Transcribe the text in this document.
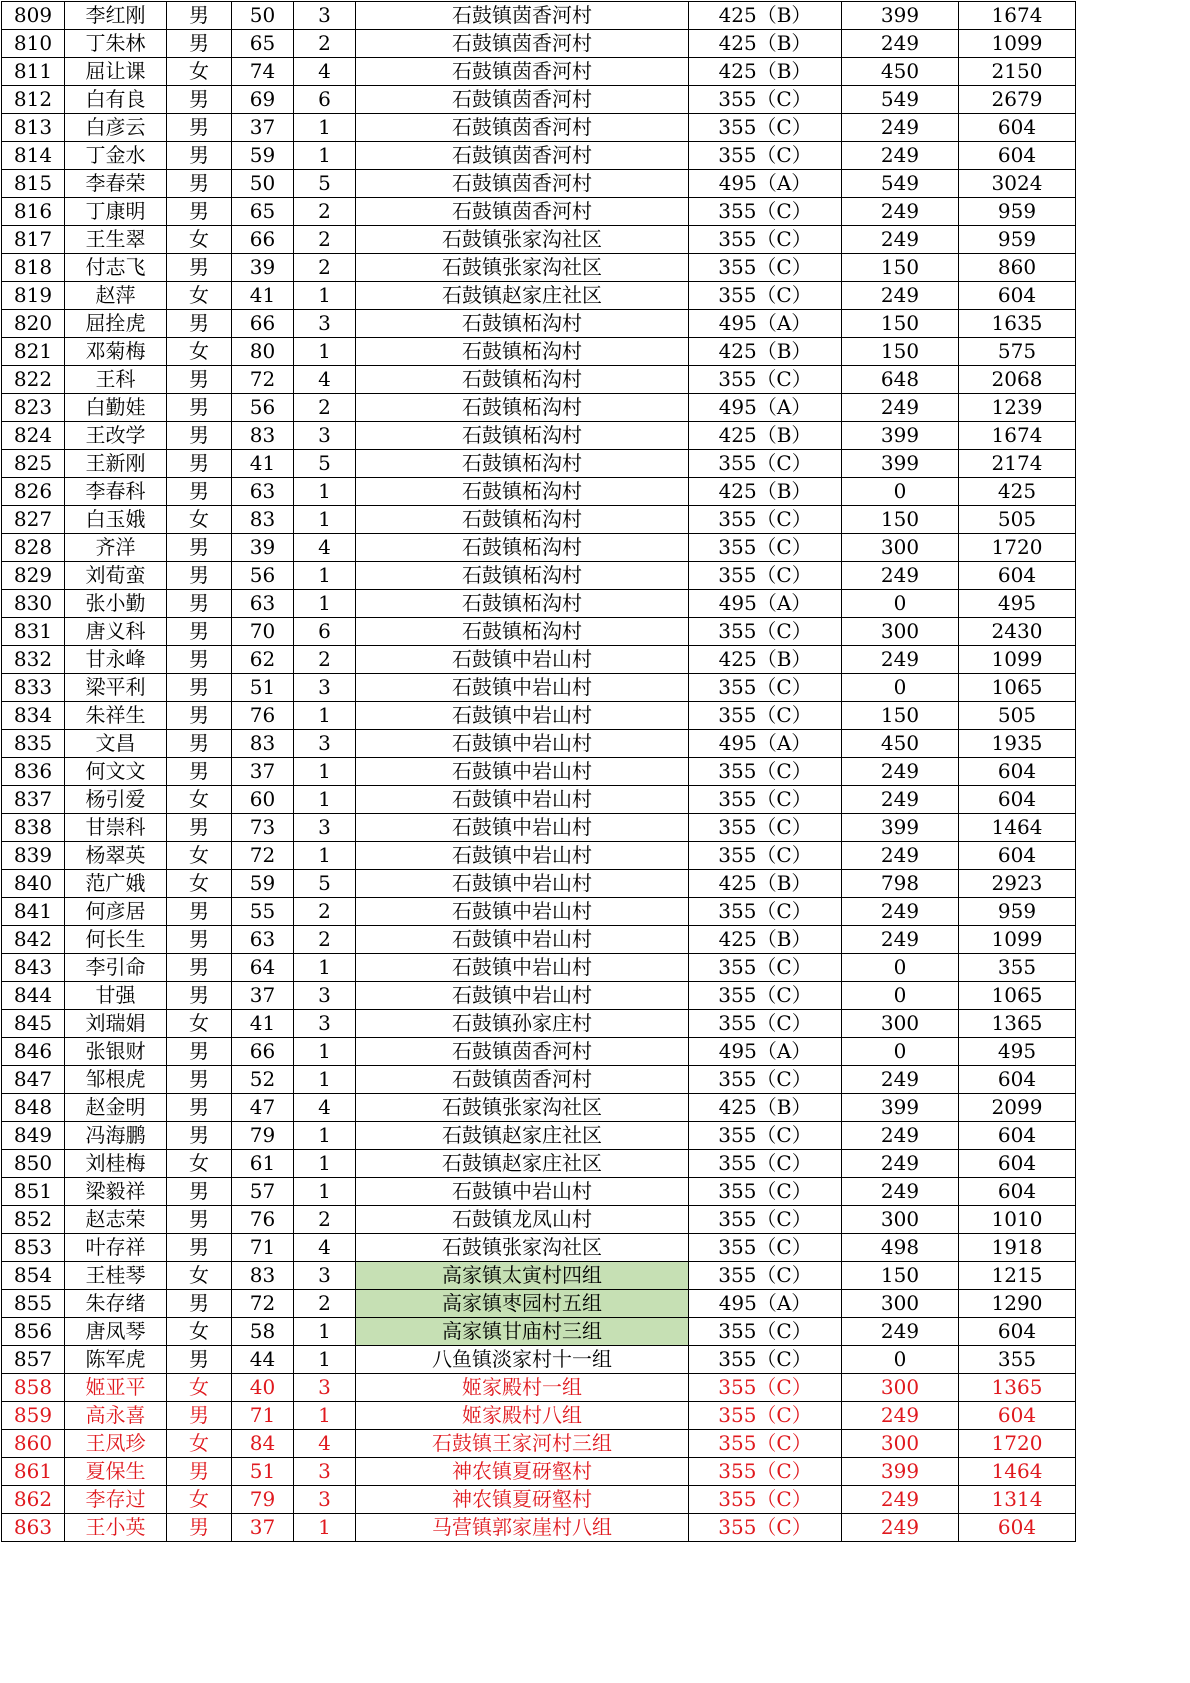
809	李红刚	男	50	3	石鼓镇茵香河村	425（B）	399	1674
810	丁朱林	男	65	2	石鼓镇茵香河村	425（B）	249	1099
811	屈让课	女	74	4	石鼓镇茵香河村	425（B）	450	2150
812	白有良	男	69	6	石鼓镇茵香河村	355（C）	549	2679
813	白彦云	男	37	1	石鼓镇茵香河村	355（C）	249	604
814	丁金水	男	59	1	石鼓镇茵香河村	355（C）	249	604
815	李春荣	男	50	5	石鼓镇茵香河村	495（A）	549	3024
816	丁康明	男	65	2	石鼓镇茵香河村	355（C）	249	959
817	王生翠	女	66	2	石鼓镇张家沟社区	355（C）	249	959
818	付志飞	男	39	2	石鼓镇张家沟社区	355（C）	150	860
819	赵萍	女	41	1	石鼓镇赵家庄社区	355（C）	249	604
820	屈拴虎	男	66	3	石鼓镇柘沟村	495（A）	150	1635
821	邓菊梅	女	80	1	石鼓镇柘沟村	425（B）	150	575
822	王科	男	72	4	石鼓镇柘沟村	355（C）	648	2068
823	白勤娃	男	56	2	石鼓镇柘沟村	495（A）	249	1239
824	王改学	男	83	3	石鼓镇柘沟村	425（B）	399	1674
825	王新刚	男	41	5	石鼓镇柘沟村	355（C）	399	2174
826	李春科	男	63	1	石鼓镇柘沟村	425（B）	0	425
827	白玉娥	女	83	1	石鼓镇柘沟村	355（C）	150	505
828	齐洋	男	39	4	石鼓镇柘沟村	355（C）	300	1720
829	刘荀蛮	男	56	1	石鼓镇柘沟村	355（C）	249	604
830	张小勤	男	63	1	石鼓镇柘沟村	495（A）	0	495
831	唐义科	男	70	6	石鼓镇柘沟村	355（C）	300	2430
832	甘永峰	男	62	2	石鼓镇中岩山村	425（B）	249	1099
833	梁平利	男	51	3	石鼓镇中岩山村	355（C）	0	1065
834	朱祥生	男	76	1	石鼓镇中岩山村	355（C）	150	505
835	文昌	男	83	3	石鼓镇中岩山村	495（A）	450	1935
836	何文文	男	37	1	石鼓镇中岩山村	355（C）	249	604
837	杨引爱	女	60	1	石鼓镇中岩山村	355（C）	249	604
838	甘崇科	男	73	3	石鼓镇中岩山村	355（C）	399	1464
839	杨翠英	女	72	1	石鼓镇中岩山村	355（C）	249	604
840	范广娥	女	59	5	石鼓镇中岩山村	425（B）	798	2923
841	何彦居	男	55	2	石鼓镇中岩山村	355（C）	249	959
842	何长生	男	63	2	石鼓镇中岩山村	425（B）	249	1099
843	李引命	男	64	1	石鼓镇中岩山村	355（C）	0	355
844	甘强	男	37	3	石鼓镇中岩山村	355（C）	0	1065
845	刘瑞娟	女	41	3	石鼓镇孙家庄村	355（C）	300	1365
846	张银财	男	66	1	石鼓镇茵香河村	495（A）	0	495
847	邹根虎	男	52	1	石鼓镇茵香河村	355（C）	249	604
848	赵金明	男	47	4	石鼓镇张家沟社区	425（B）	399	2099
849	冯海鹏	男	79	1	石鼓镇赵家庄社区	355（C）	249	604
850	刘桂梅	女	61	1	石鼓镇赵家庄社区	355（C）	249	604
851	梁毅祥	男	57	1	石鼓镇中岩山村	355（C）	249	604
852	赵志荣	男	76	2	石鼓镇龙凤山村	355（C）	300	1010
853	叶存祥	男	71	4	石鼓镇张家沟社区	355（C）	498	1918
854	王桂琴	女	83	3	高家镇太寅村四组	355（C）	150	1215
855	朱存绪	男	72	2	高家镇枣园村五组	495（A）	300	1290
856	唐凤琴	女	58	1	高家镇甘庙村三组	355（C）	249	604
857	陈军虎	男	44	1	八鱼镇淡家村十一组	355（C）	0	355
858	姬亚平	女	40	3	姬家殿村一组	355（C）	300	1365
859	高永喜	男	71	1	姬家殿村八组	355（C）	249	604
860	王凤珍	女	84	4	石鼓镇王家河村三组	355（C）	300	1720
861	夏保生	男	51	3	神农镇夏砑壑村	355（C）	399	1464
862	李存过	女	79	3	神农镇夏砑壑村	355（C）	249	1314
863	王小英	男	37	1	马营镇郭家崖村八组	355（C）	249	604
